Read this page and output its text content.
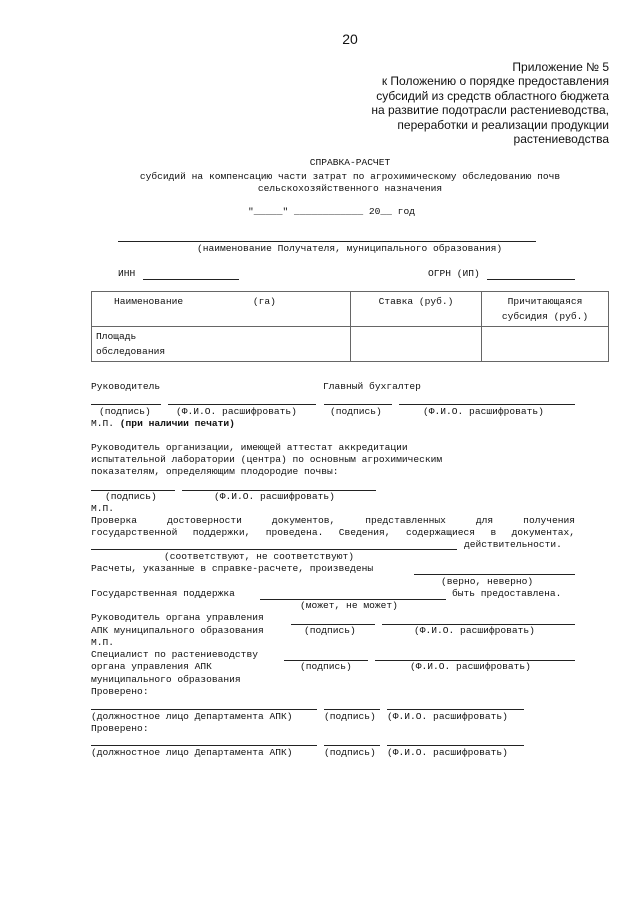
20
Приложение № 5
к Положению о порядке предоставления
субсидий из средств областного бюджета
на развитие подотрасли растениеводства,
переработки и реализации продукции
растениеводства
СПРАВКА-РАСЧЕТ
субсидий на компенсацию части затрат по агрохимическому обследованию почв
сельскохозяйственного назначения
"_____" ____________ 20__ год
(наименование Получателя, муниципального образования)
ИНН	ОГРН (ИП)
Наименование (га)	Ставка (руб.)	Причитающаяся
субсидия (руб.)

Площадь
обследования		

Руководитель	Главный бухгалтер
(подпись)	(Ф.И.О. расшифровать)	(подпись)	(Ф.И.О. расшифровать)
М.П. (при наличии печати)
Руководитель организации, имеющей аттестат аккредитации
испытательной лаборатории (центра) по основным агрохимическим
показателям, определяющим плодородие почвы:
(подпись)	(Ф.И.О. расшифровать)
М.П.
Проверка достоверности документов, представленных для получения
государственной поддержки, проведена. Сведения, содержащиеся в документах,
действительности.
(соответствуют, не соответствуют)
Расчеты, указанные в справке-расчете, произведены
(верно, неверно)
Государственная поддержка	быть предоставлена.
(может, не может)
Руководитель органа управления
АПК муниципального образования	(подпись)	(Ф.И.О. расшифровать)
М.П.
Специалист по растениеводству
органа управления АПК	(подпись)	(Ф.И.О. расшифровать)
муниципального образования
Проверено:
(должностное лицо Департамента АПК)	(подпись) (Ф.И.О. расшифровать)
Проверено:
(должностное лицо Департамента АПК)	(подпись) (Ф.И.О. расшифровать)
